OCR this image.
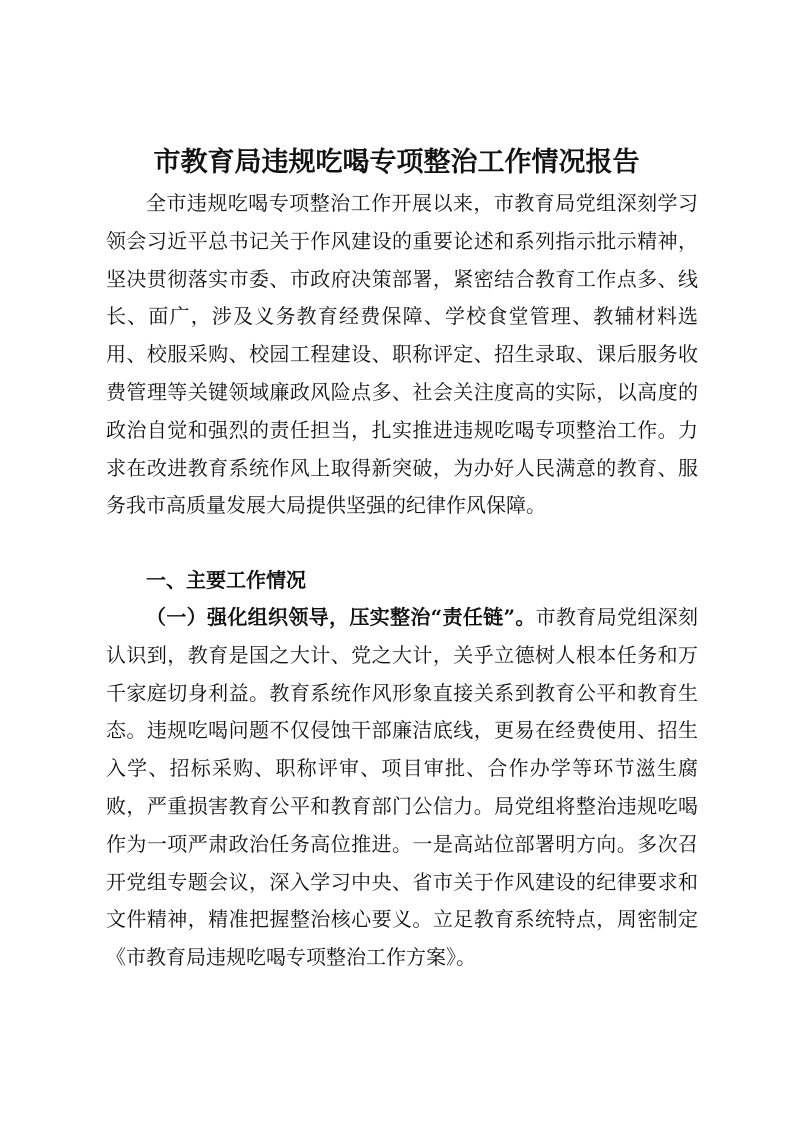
市教育局违规吃喝专项整治工作情况报告

全市违规吃喝专项整治工作开展以来，市教育局党组深刻学习领会习近平总书记关于作风建设的重要论述和系列指示批示精神，坚决贯彻落实市委、市政府决策部署，紧密结合教育工作点多、线长、面广，涉及义务教育经费保障、学校食堂管理、教辅材料选用、校服采购、校园工程建设、职称评定、招生录取、课后服务收费管理等关键领域廉政风险点多、社会关注度高的实际，以高度的政治自觉和强烈的责任担当，扎实推进违规吃喝专项整治工作。力求在改进教育系统作风上取得新突破，为办好人民满意的教育、服务我市高质量发展大局提供坚强的纪律作风保障。

一、主要工作情况

（一）强化组织领导，压实整治“责任链”。市教育局党组深刻认识到，教育是国之大计、党之大计，关乎立德树人根本任务和万千家庭切身利益。教育系统作风形象直接关系到教育公平和教育生态。违规吃喝问题不仅侵蚀干部廉洁底线，更易在经费使用、招生入学、招标采购、职称评审、项目审批、合作办学等环节滋生腐败，严重损害教育公平和教育部门公信力。局党组将整治违规吃喝作为一项严肃政治任务高位推进。一是高站位部署明方向。多次召开党组专题会议，深入学习中央、省市关于作风建设的纪律要求和文件精神，精准把握整治核心要义。立足教育系统特点，周密制定《市教育局违规吃喝专项整治工作方案》。
